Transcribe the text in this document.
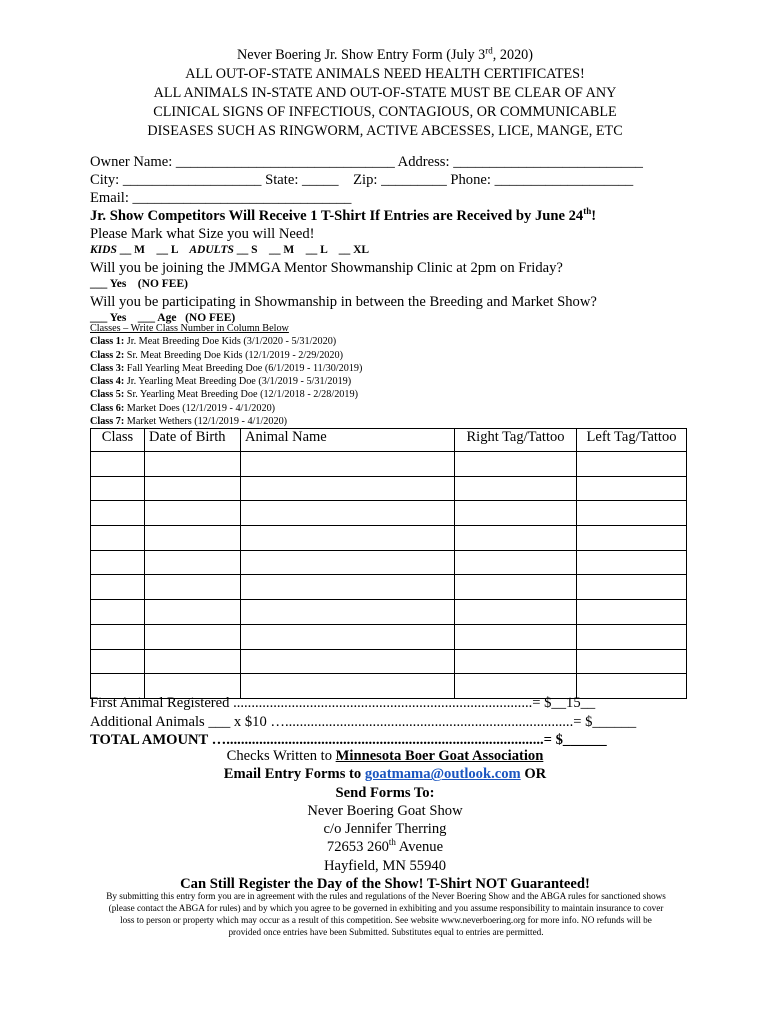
Never Boering Jr. Show Entry Form (July 3rd, 2020)
ALL OUT-OF-STATE ANIMALS NEED HEALTH CERTIFICATES!
ALL ANIMALS IN-STATE AND OUT-OF-STATE MUST BE CLEAR OF ANY
CLINICAL SIGNS OF INFECTIOUS, CONTAGIOUS, OR COMMUNICABLE
DISEASES SUCH AS RINGWORM, ACTIVE ABCESSES, LICE, MANGE, ETC
Owner Name: ______________________________ Address: __________________________
City: ___________________ State: _____    Zip: _________ Phone: ___________________
Email: ______________________________
Jr. Show Competitors Will Receive 1 T-Shirt If Entries are Received by June 24th!
Please Mark what Size you will Need!
KIDS __ M    __ L    ADULTS __ S    __ M    __ L    __ XL
Will you be joining the JMMGA Mentor Showmanship Clinic at 2pm on Friday?
___ Yes    (NO FEE)
Will you be participating in Showmanship in between the Breeding and Market Show?
___ Yes    ___ Age   (NO FEE)
Classes – Write Class Number in Column Below
Class 1: Jr. Meat Breeding Doe Kids (3/1/2020 - 5/31/2020)
Class 2: Sr. Meat Breeding Doe Kids (12/1/2019 - 2/29/2020)
Class 3: Fall Yearling Meat Breeding Doe (6/1/2019 - 11/30/2019)
Class 4: Jr. Yearling Meat Breeding Doe (3/1/2019 - 5/31/2019)
Class 5: Sr. Yearling Meat Breeding Doe (12/1/2018 - 2/28/2019)
Class 6: Market Does (12/1/2019 - 4/1/2020)
Class 7: Market Wethers (12/1/2019 - 4/1/2020)
Class	Date of Birth	Animal Name	Right Tag/Tattoo	Left Tag/Tattoo

First Animal Registered ..................................................................................= $__15__
Additional Animals ___ x $10 …...............................................................................= $______
TOTAL AMOUNT ….......................................................................................= $______
Checks Written to Minnesota Boer Goat Association
Email Entry Forms to goatmama@outlook.com OR
Send Forms To:
Never Boering Goat Show
c/o Jennifer Therring
72653 260th Avenue
Hayfield, MN 55940
Can Still Register the Day of the Show! T-Shirt NOT Guaranteed!
By submitting this entry form you are in agreement with the rules and regulations of the Never Boering Show and the ABGA rules for sanctioned shows (please contact the ABGA for rules) and by which you agree to be governed in exhibiting and you assume responsibility to maintain insurance to cover loss to person or property which may occur as a result of this competition. See website www.neverboering.org for more info. NO refunds will be provided once entries have been Submitted. Substitutes equal to entries are permitted.
